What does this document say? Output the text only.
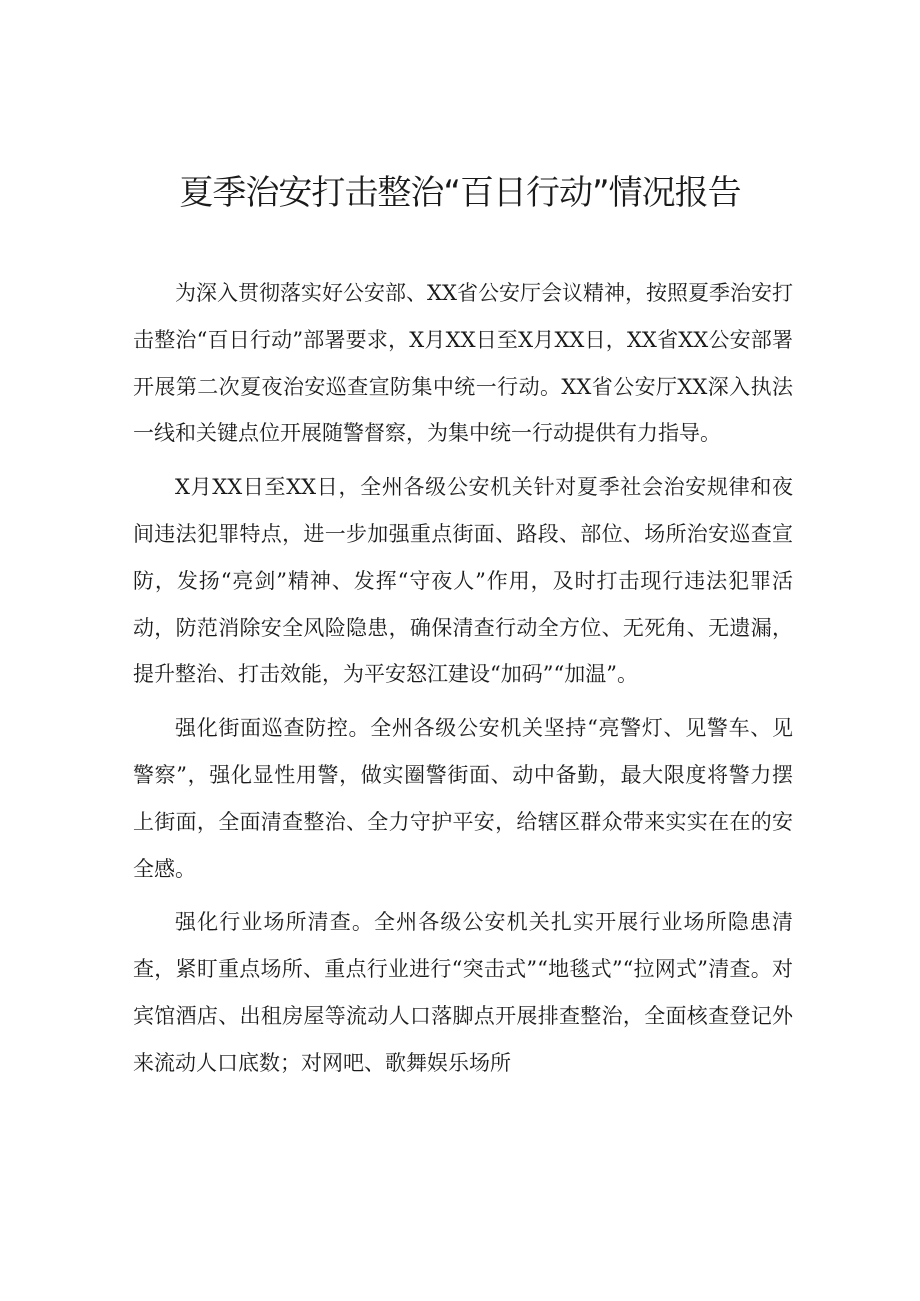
夏季治安打击整治“百日行动”情况报告

为深入贯彻落实好公安部、XX省公安厅会议精神，按照夏季治安打击整治“百日行动”部署要求，X月XX日至X月XX日，XX省XX公安部署开展第二次夏夜治安巡查宣防集中统一行动。XX省公安厅XX深入执法一线和关键点位开展随警督察，为集中统一行动提供有力指导。

X月XX日至XX日，全州各级公安机关针对夏季社会治安规律和夜间违法犯罪特点，进一步加强重点街面、路段、部位、场所治安巡查宣防，发扬“亮剑”精神、发挥“守夜人”作用，及时打击现行违法犯罪活动，防范消除安全风险隐患，确保清查行动全方位、无死角、无遗漏，提升整治、打击效能，为平安怒江建设“加码”“加温”。

强化街面巡查防控。全州各级公安机关坚持“亮警灯、见警车、见警察”，强化显性用警，做实圈警街面、动中备勤，最大限度将警力摆上街面，全面清查整治、全力守护平安，给辖区群众带来实实在在的安全感。

强化行业场所清查。全州各级公安机关扎实开展行业场所隐患清查，紧盯重点场所、重点行业进行“突击式”“地毯式”“拉网式”清查。对宾馆酒店、出租房屋等流动人口落脚点开展排查整治，全面核查登记外来流动人口底数；对网吧、歌舞娱乐场所
